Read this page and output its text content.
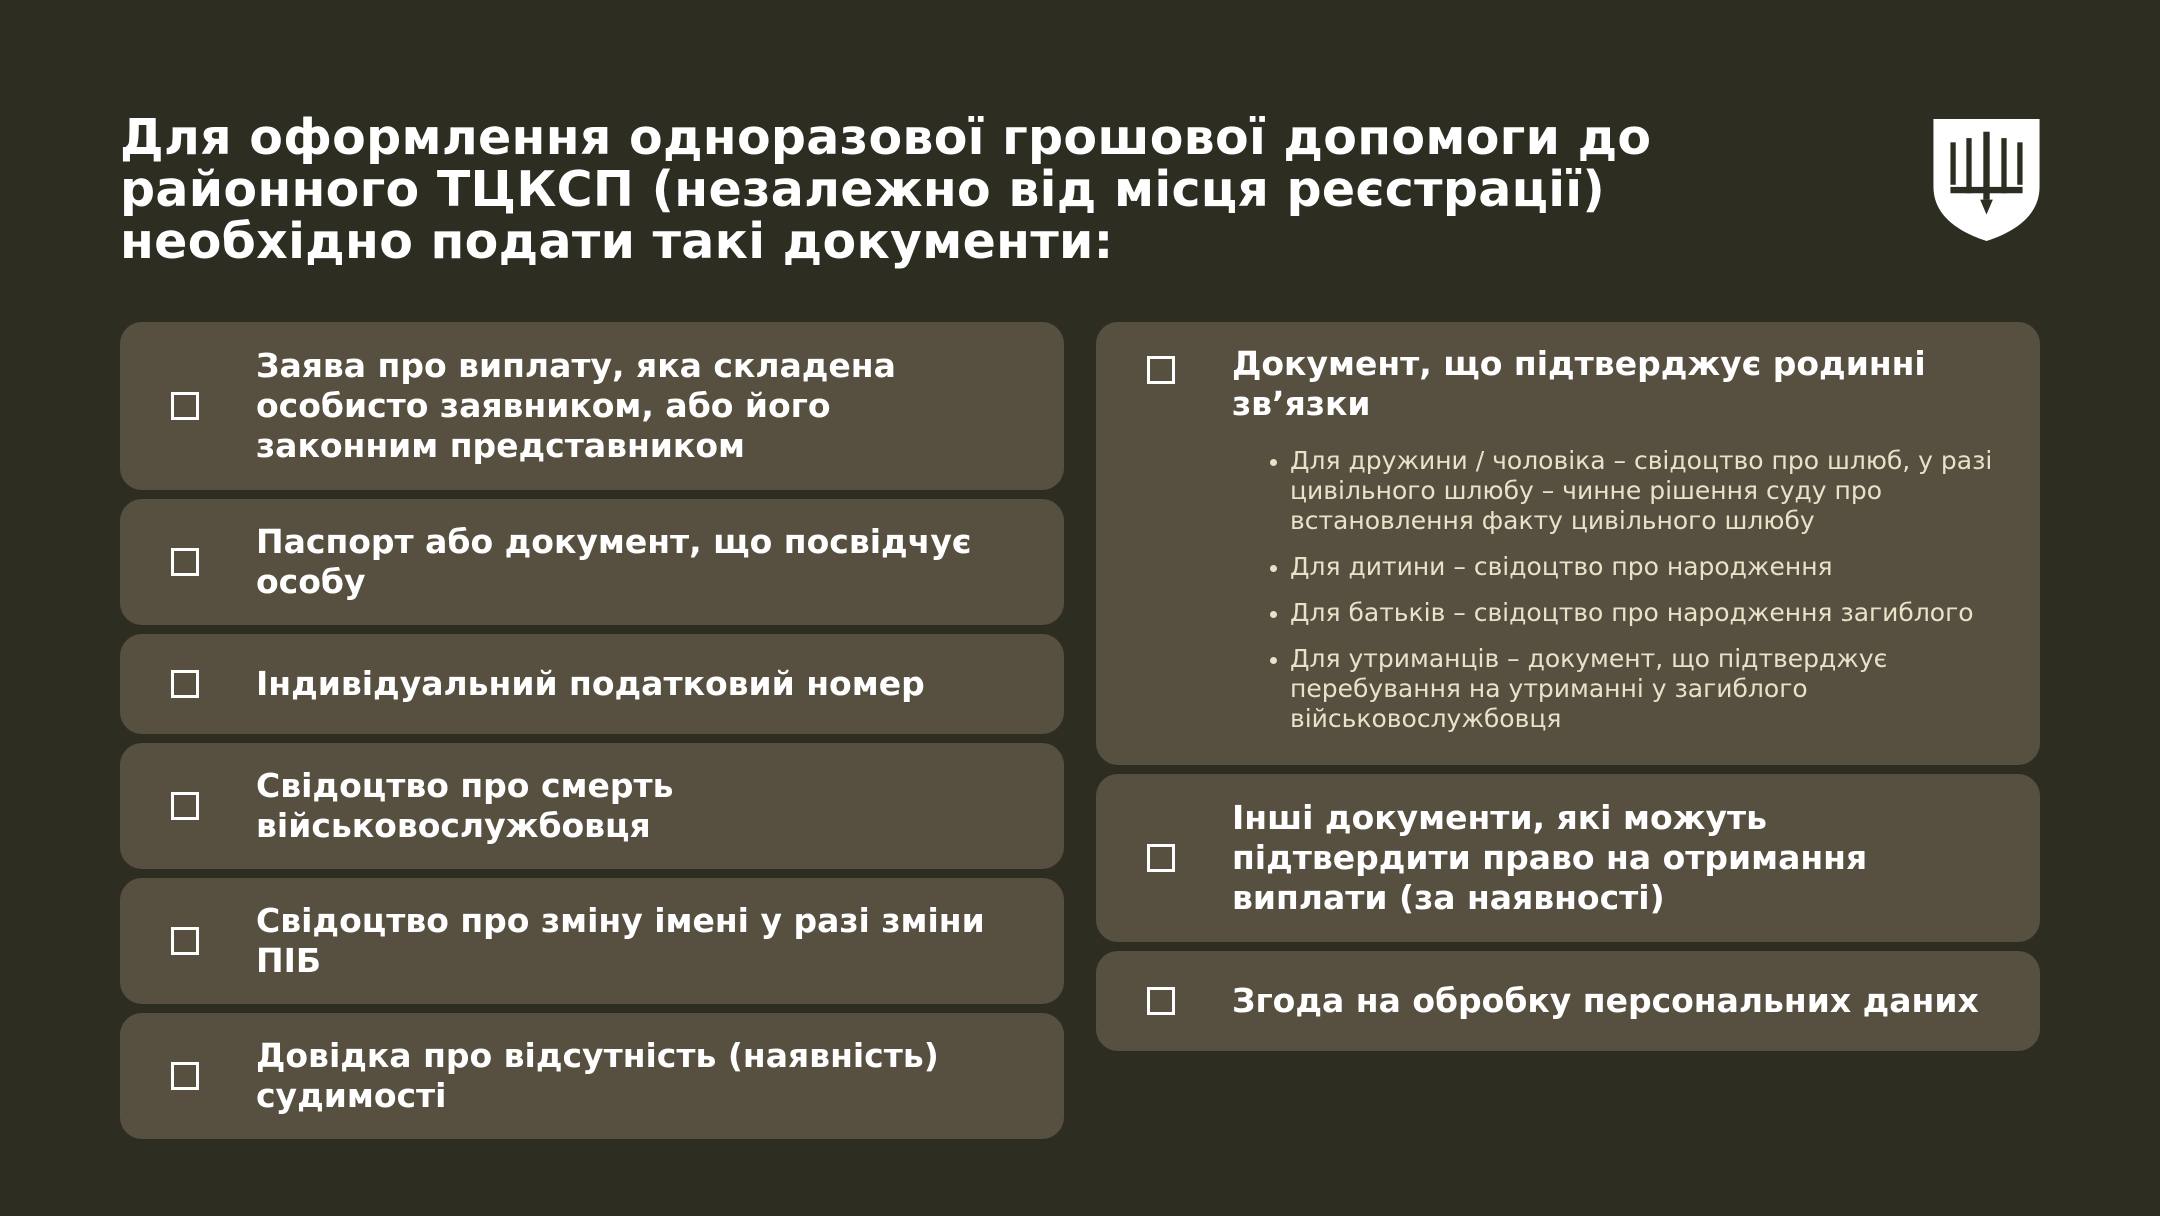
Для оформлення одноразової грошової допомоги до районного ТЦКСП (незалежно від місця реєстрації) необхідно подати такі документи:
Заява про виплату, яка складена особисто заявником, або його законним представником
Паспорт або документ, що посвідчує особу
Індивідуальний податковий номер
Свідоцтво про смерть військовослужбовця
Свідоцтво про зміну імені у разі зміни ПІБ
Довідка про відсутність (наявність) судимості
Документ, що підтверджує родинні зв’язки
Для дружини / чоловіка – свідоцтво про шлюб, у разі цивільного шлюбу – чинне рішення суду про встановлення факту цивільного шлюбу
Для дитини – свідоцтво про народження
Для батьків – свідоцтво про народження загиблого
Для утриманців – документ, що підтверджує перебування на утриманні у загиблого військовослужбовця
Інші документи, які можуть підтвердити право на отримання виплати (за наявності)
Згода на обробку персональних даних
